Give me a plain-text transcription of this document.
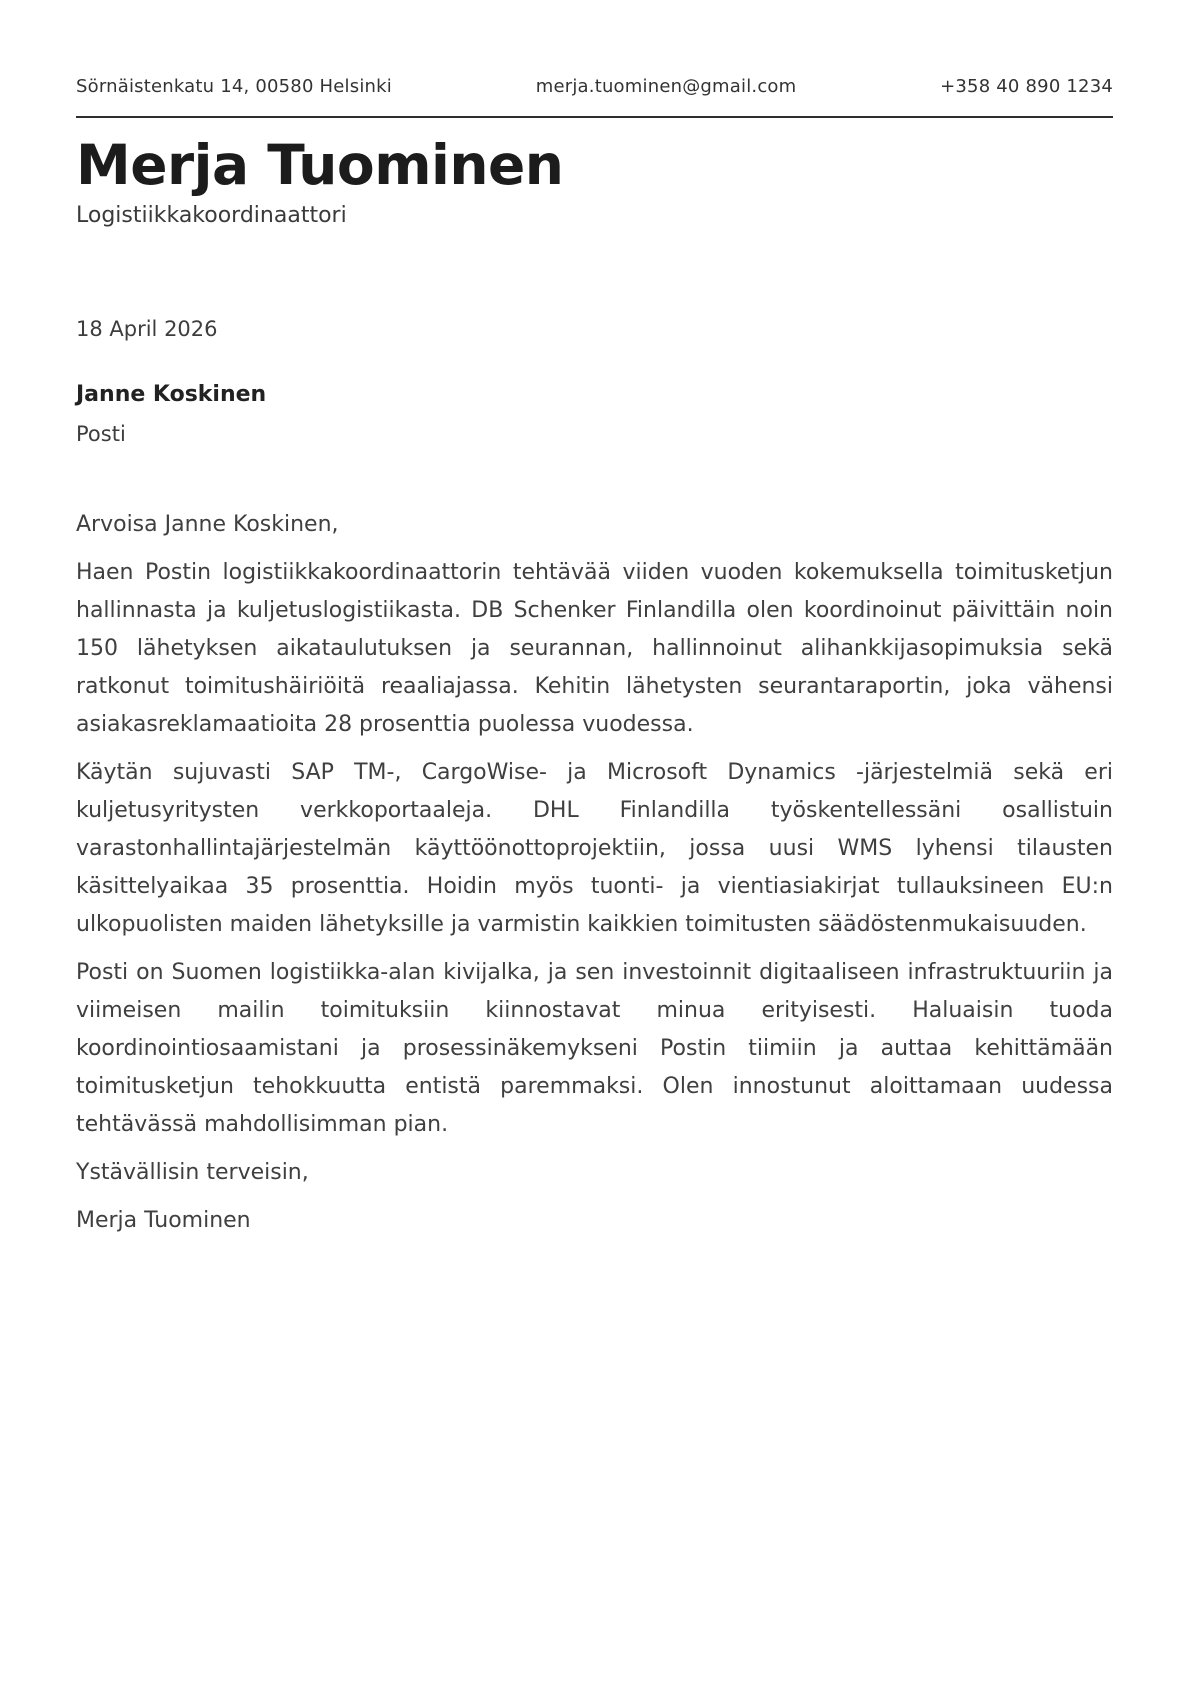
Sörnäistenkatu 14, 00580 Helsinki	merja.tuominen@gmail.com	+358 40 890 1234
Merja Tuominen
Logistiikkakoordinaattori
18 April 2026
Janne Koskinen
Posti

Arvoisa Janne Koskinen,

Haen Postin logistiikkakoordinaattorin tehtävää viiden vuoden kokemuksella toimitusketjun hallinnasta ja kuljetuslogistiikasta. DB Schenker Finlandilla olen koordinoinut päivittäin noin 150 lähetyksen aikataulutuksen ja seurannan, hallinnoinut alihankkijasopimuksia sekä ratkonut toimitushäiriöitä reaaliajassa. Kehitin lähetysten seurantaraportin, joka vähensi asiakasreklamaatioita 28 prosenttia puolessa vuodessa.

Käytän sujuvasti SAP TM-, CargoWise- ja Microsoft Dynamics -järjestelmiä sekä eri kuljetusyritysten verkkoportaaleja. DHL Finlandilla työskentellessäni osallistuin varastonhallintajärjestelmän käyttöönottoprojektiin, jossa uusi WMS lyhensi tilausten käsittelyaikaa 35 prosenttia. Hoidin myös tuonti- ja vientiasiakirjat tullauksineen EU:n ulkopuolisten maiden lähetyksille ja varmistin kaikkien toimitusten säädöstenmukaisuuden.

Posti on Suomen logistiikka-alan kivijalka, ja sen investoinnit digitaaliseen infrastruktuuriin ja viimeisen mailin toimituksiin kiinnostavat minua erityisesti. Haluaisin tuoda koordinointiosaamistani ja prosessinäkemykseni Postin tiimiin ja auttaa kehittämään toimitusketjun tehokkuutta entistä paremmaksi. Olen innostunut aloittamaan uudessa tehtävässä mahdollisimman pian.

Ystävällisin terveisin,

Merja Tuominen
